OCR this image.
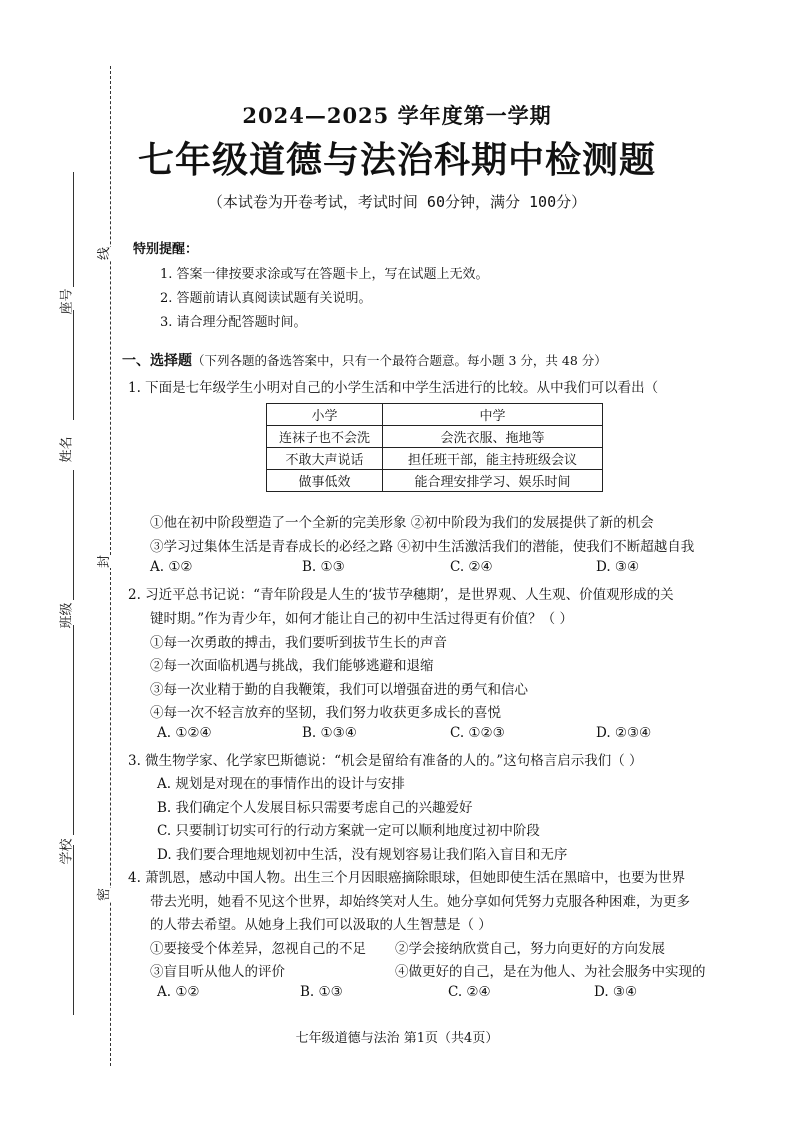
座号
姓名
班级
学校
线
封
密
2024—2025 学年度第一学期
七年级道德与法治科期中检测题
（本试卷为开卷考试，考试时间 60分钟，满分 100分）
特别提醒：
1. 答案一律按要求涂或写在答题卡上，写在试题上无效。
2. 答题前请认真阅读试题有关说明。
3. 请合理分配答题时间。
一、选择题（下列各题的备选答案中，只有一个最符合题意。每小题 3 分，共 48 分）
1. 下面是七年级学生小明对自己的小学生活和中学生活进行的比较。从中我们可以看出（
小学	中学
连袜子也不会洗	会洗衣服、拖地等
不敢大声说话	担任班干部，能主持班级会议
做事低效	能合理安排学习、娱乐时间
①他在初中阶段塑造了一个全新的完美形象 ②初中阶段为我们的发展提供了新的机会
③学习过集体生活是青春成长的必经之路 ④初中生活激活我们的潜能，使我们不断超越自我
A. ①②	B. ①③	C. ②④	D. ③④
2. 习近平总书记说：“青年阶段是人生的‘拔节孕穗期’，是世界观、人生观、价值观形成的关
键时期。”作为青少年，如何才能让自己的初中生活过得更有价值？（ ）
①每一次勇敢的搏击，我们要听到拔节生长的声音
②每一次面临机遇与挑战，我们能够逃避和退缩
③每一次业精于勤的自我鞭策，我们可以增强奋进的勇气和信心
④每一次不轻言放弃的坚韧，我们努力收获更多成长的喜悦
A. ①②④	B. ①③④	C. ①②③	D. ②③④
3. 微生物学家、化学家巴斯德说：“机会是留给有准备的人的。”这句格言启示我们（ ）
A. 规划是对现在的事情作出的设计与安排
B. 我们确定个人发展目标只需要考虑自己的兴趣爱好
C. 只要制订切实可行的行动方案就一定可以顺利地度过初中阶段
D. 我们要合理地规划初中生活，没有规划容易让我们陷入盲目和无序
4. 萧凯恩，感动中国人物。出生三个月因眼癌摘除眼球，但她即使生活在黑暗中，也要为世界
带去光明，她看不见这个世界，却始终笑对人生。她分享如何凭努力克服各种困难，为更多
的人带去希望。从她身上我们可以汲取的人生智慧是（ ）
①要接受个体差异，忽视自己的不足 ②学会接纳欣赏自己，努力向更好的方向发展
③盲目听从他人的评价	④做更好的自己，是在为他人、为社会服务中实现的
A. ①②	B. ①③	C. ②④	D. ③④
七年级道德与法治 第1页（共4页）
